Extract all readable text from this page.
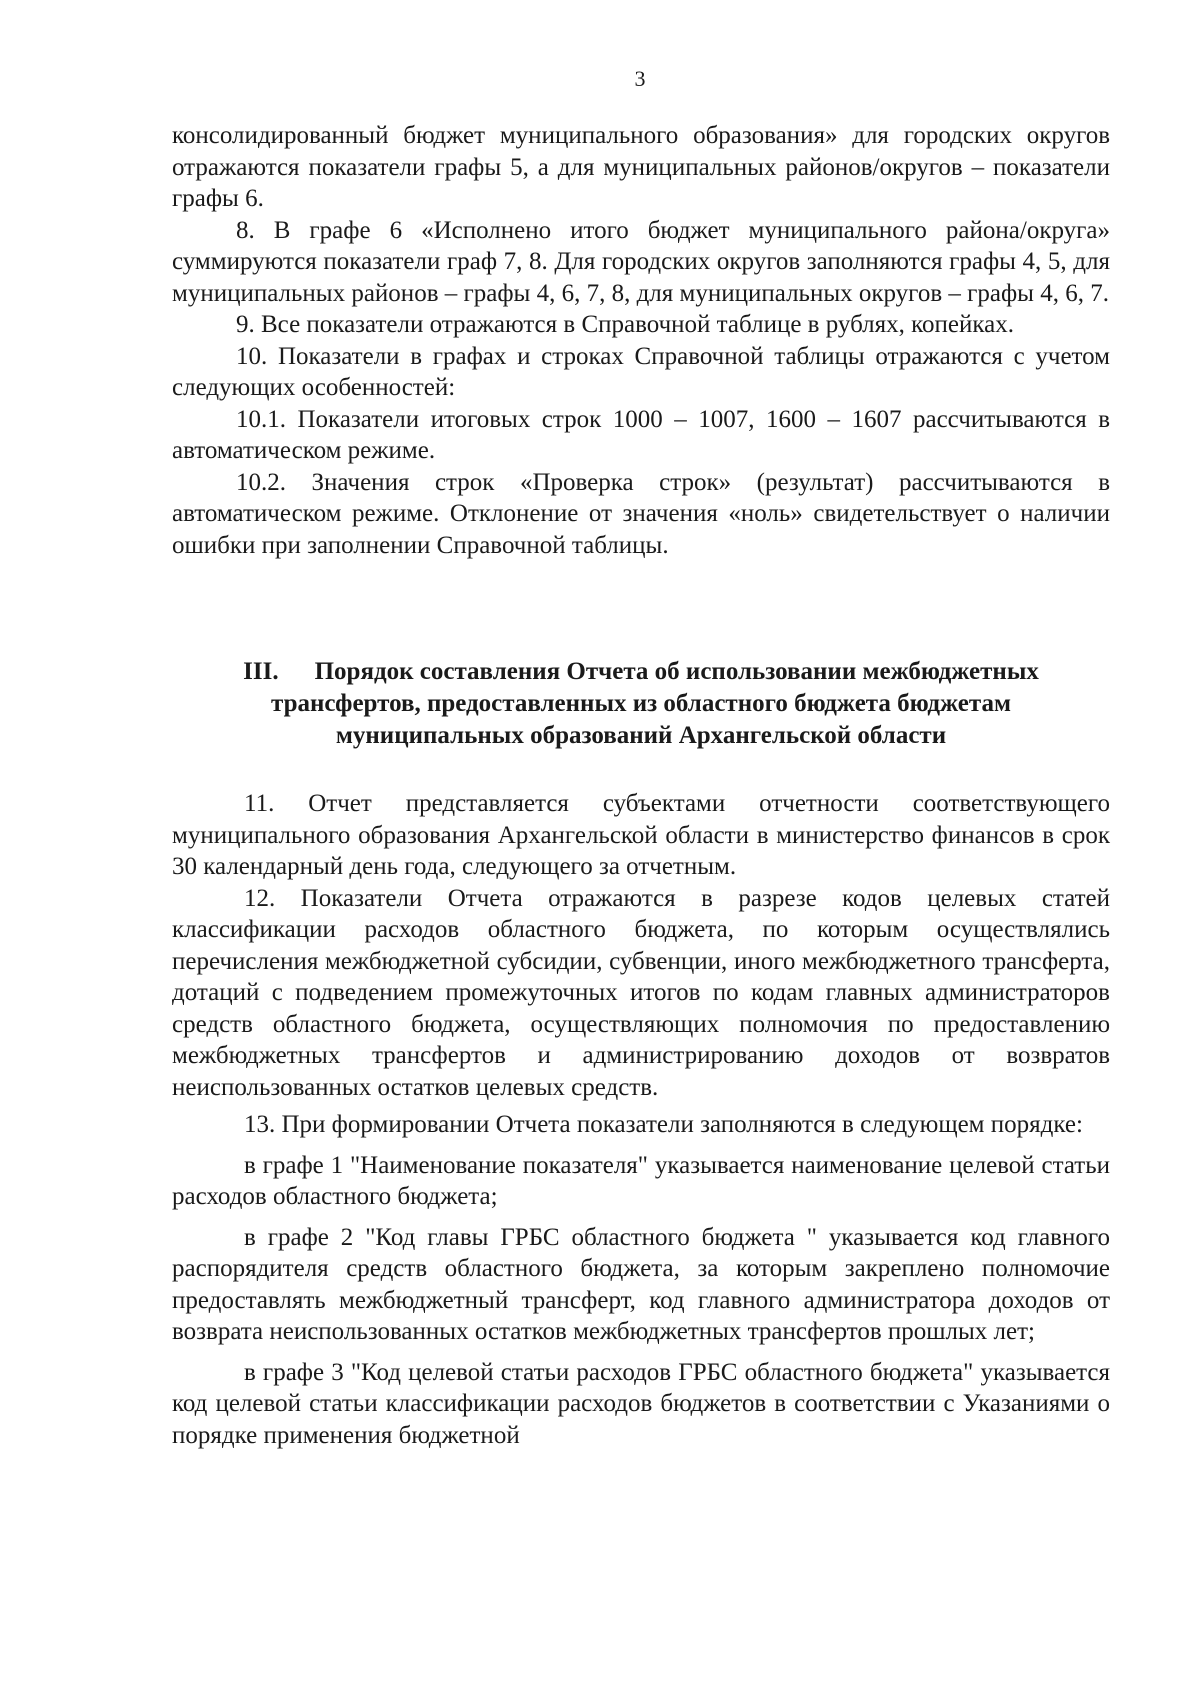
3

консолидированный бюджет муниципального образования» для городских округов отражаются показатели графы 5, а для муниципальных районов/округов – показатели графы 6.

8. В графе 6 «Исполнено итого бюджет муниципального района/округа» суммируются показатели граф 7, 8. Для городских округов заполняются графы 4, 5, для муниципальных районов – графы 4, 6, 7, 8, для муниципальных округов – графы 4, 6, 7.

9. Все показатели отражаются в Справочной таблице в рублях, копейках.

10. Показатели в графах и строках Справочной таблицы отражаются с учетом следующих особенностей:

10.1. Показатели итоговых строк 1000 – 1007, 1600 – 1607 рассчитываются в автоматическом режиме.

10.2. Значения строк «Проверка строк» (результат) рассчитываются в автоматическом режиме. Отклонение от значения «ноль» свидетельствует о наличии ошибки при заполнении Справочной таблицы.

III. Порядок составления Отчета об использовании межбюджетных
трансфертов, предоставленных из областного бюджета бюджетам
муниципальных образований Архангельской области

11. Отчет представляется субъектами отчетности соответствующего муниципального образования Архангельской области в министерство финансов в срок 30 календарный день года, следующего за отчетным.

12. Показатели Отчета отражаются в разрезе кодов целевых статей классификации расходов областного бюджета, по которым осуществлялись перечисления межбюджетной субсидии, субвенции, иного межбюджетного трансферта, дотаций с подведением промежуточных итогов по кодам главных администраторов средств областного бюджета, осуществляющих полномочия по предоставлению межбюджетных трансфертов и администрированию доходов от возвратов неиспользованных остатков целевых средств.

13. При формировании Отчета показатели заполняются в следующем порядке:

в графе 1 "Наименование показателя" указывается наименование целевой статьи расходов областного бюджета;

в графе 2 "Код главы ГРБС областного бюджета " указывается код главного распорядителя средств областного бюджета, за которым закреплено полномочие предоставлять межбюджетный трансферт, код главного администратора доходов от возврата неиспользованных остатков межбюджетных трансфертов прошлых лет;

в графе 3 "Код целевой статьи расходов ГРБС областного бюджета" указывается код целевой статьи классификации расходов бюджетов в соответствии с Указаниями о порядке применения бюджетной
